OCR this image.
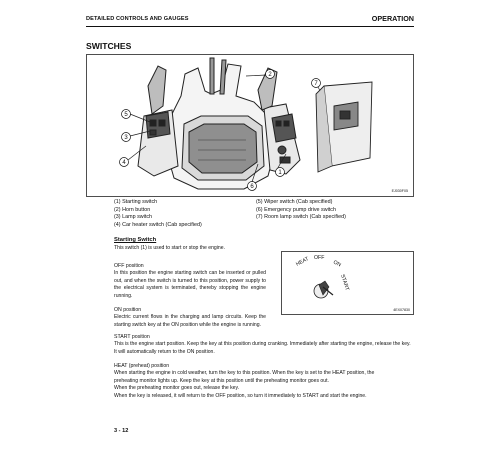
DETAILED CONTROLS AND GAUGES	OPERATION
SWITCHES
2
7
5
3
4
1
6
EJ030F05
(1) Starting switch
(2) Horn button
(3) Lamp switch
(4) Car heater switch (Cab specified)
(5) Wiper switch (Cab specified)
(6) Emergency pump drive switch
(7) Room lamp switch (Cab specified)
Starting Switch

This switch (1) is used to start or stop the engine.

OFF position

In this position the engine starting switch can be inserted or pulled out, and when the switch is turned to this position, power supply to the electrical system is terminated, thereby stopping the engine running.

ON position

Electric current flows in the charging and lamp circuits. Keep the starting switch key at the ON position while the engine is running.

HEAT OFF
ON
START
4EX07830
START position

This is the engine start position. Keep the key at this position during cranking. Immediately after starting the engine, release the key. It will automatically return to the ON position.

HEAT (preheat) position
When starting the engine in cold weather, turn the key to this position. When the key is set to the HEAT position, the
preheating monitor lights up. Keep the key at this position until the preheating monitor goes out.
When the preheating monitor goes out, release the key.
When the key is released, it will return to the OFF position, so turn it immediately to START and start the engine.
3 - 12
